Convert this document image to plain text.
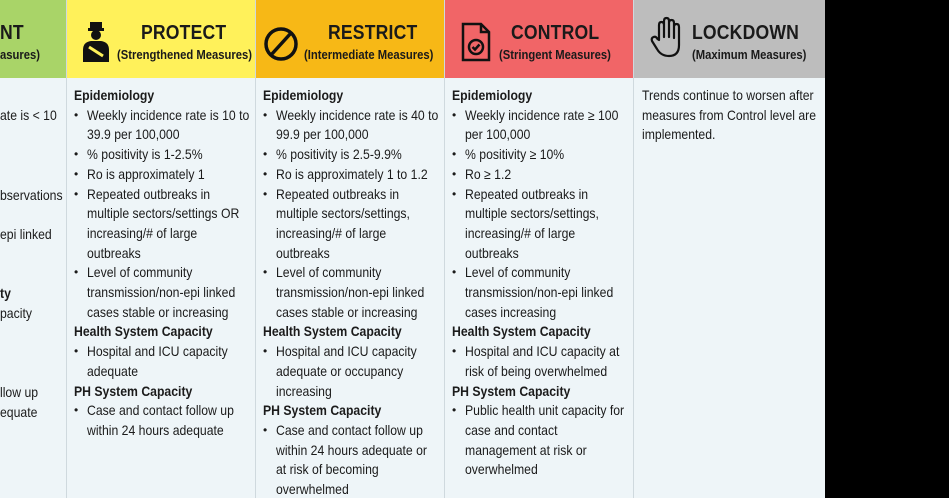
NT
asures)
ate is < 10
bservations
epi linked
ty
pacity
llow up
equate
PROTECT
(Strengthened Measures)
Epidemiology
• Weekly incidence rate is 10 to
39.9 per 100,000
• % positivity is 1-2.5%
• Ro is approximately 1
• Repeated outbreaks in
multiple sectors/settings OR
increasing/# of large
outbreaks
• Level of community
transmission/non-epi linked
cases stable or increasing
Health System Capacity
• Hospital and ICU capacity
adequate
PH System Capacity
• Case and contact follow up
within 24 hours adequate
RESTRICT
(Intermediate Measures)
Epidemiology
• Weekly incidence rate is 40 to
99.9 per 100,000
• % positivity is 2.5-9.9%
• Ro is approximately 1 to 1.2
• Repeated outbreaks in
multiple sectors/settings,
increasing/# of large
outbreaks
• Level of community
transmission/non-epi linked
cases stable or increasing
Health System Capacity
• Hospital and ICU capacity
adequate or occupancy
increasing
PH System Capacity
• Case and contact follow up
within 24 hours adequate or
at risk of becoming
overwhelmed
CONTROL
(Stringent Measures)
Epidemiology
• Weekly incidence rate ≥ 100
per 100,000
• % positivity ≥ 10%
• Ro ≥ 1.2
• Repeated outbreaks in
multiple sectors/settings,
increasing/# of large
outbreaks
• Level of community
transmission/non-epi linked
cases increasing
Health System Capacity
• Hospital and ICU capacity at
risk of being overwhelmed
PH System Capacity
• Public health unit capacity for
case and contact
management at risk or
overwhelmed
LOCKDOWN
(Maximum Measures)
Trends continue to worsen after
measures from Control level are
implemented.
